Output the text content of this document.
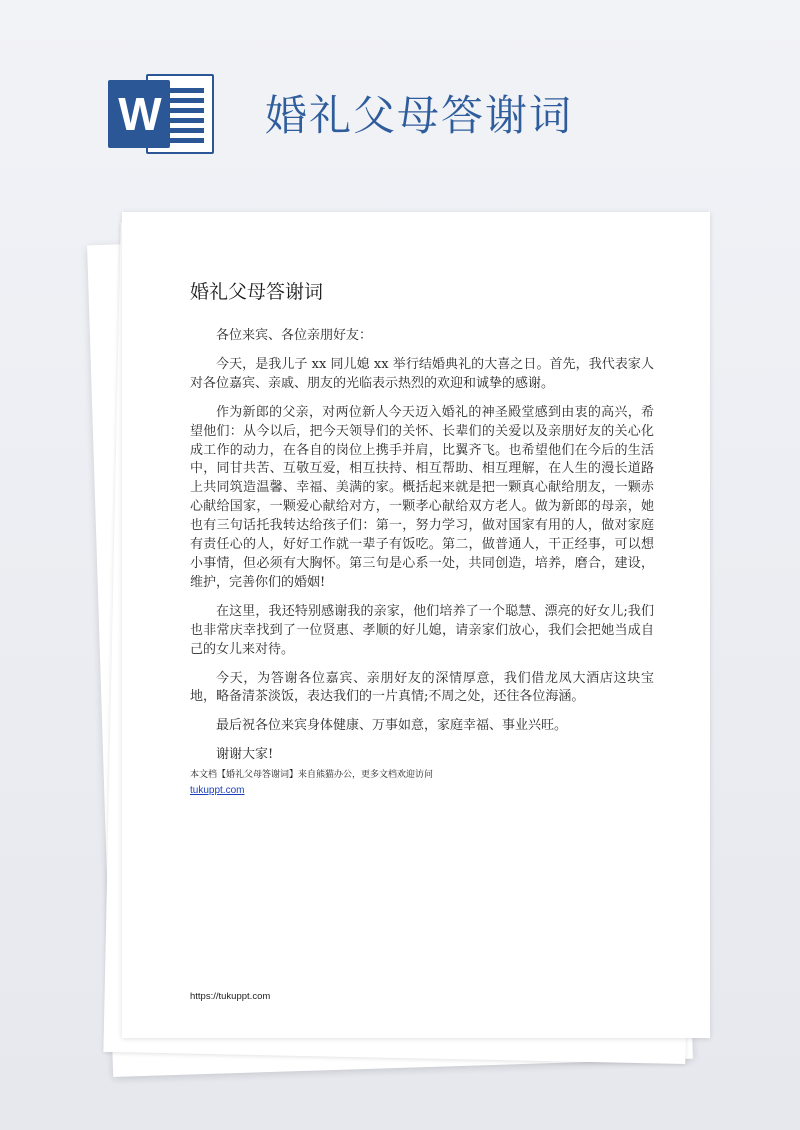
W	婚礼父母答谢词
婚礼父母答谢词

各位来宾、各位亲朋好友：

今天，是我儿子 xx 同儿媳 xx 举行结婚典礼的大喜之日。首先，我代表家人对各位嘉宾、亲戚、朋友的光临表示热烈的欢迎和诚挚的感谢。

作为新郎的父亲，对两位新人今天迈入婚礼的神圣殿堂感到由衷的高兴，希望他们：从今以后，把今天领导们的关怀、长辈们的关爱以及亲朋好友的关心化成工作的动力，在各自的岗位上携手并肩，比翼齐飞。也希望他们在今后的生活中，同甘共苦、互敬互爱，相互扶持、相互帮助、相互理解，在人生的漫长道路上共同筑造温馨、幸福、美满的家。概括起来就是把一颗真心献给朋友，一颗赤心献给国家，一颗爱心献给对方，一颗孝心献给双方老人。做为新郎的母亲，她也有三句话托我转达给孩子们：第一，努力学习，做对国家有用的人，做对家庭有责任心的人，好好工作就一辈子有饭吃。第二，做普通人，干正经事，可以想小事情，但必须有大胸怀。第三句是心系一处，共同创造，培养，磨合，建设，维护，完善你们的婚姻!

在这里，我还特别感谢我的亲家，他们培养了一个聪慧、漂亮的好女儿;我们也非常庆幸找到了一位贤惠、孝顺的好儿媳，请亲家们放心，我们会把她当成自己的女儿来对待。

今天，为答谢各位嘉宾、亲朋好友的深情厚意，我们借龙凤大酒店这块宝地，略备清茶淡饭，表达我们的一片真情;不周之处，还往各位海涵。

最后祝各位来宾身体健康、万事如意，家庭幸福、事业兴旺。

谢谢大家!

本文档【婚礼父母答谢词】来自熊猫办公，更多文档欢迎访问
tukuppt.com
https://tukuppt.com
